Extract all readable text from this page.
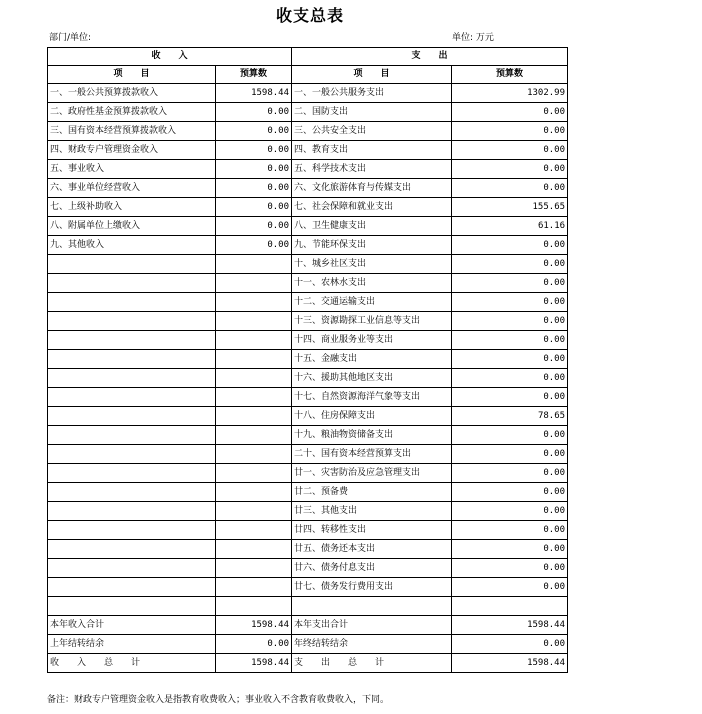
收支总表
部门/单位:	单位: 万元
收　　入		支　　出	
项　　目	预算数	项　　目	预算数
一、一般公共预算拨款收入	1598.44	一、一般公共服务支出	1302.99
二、政府性基金预算拨款收入	0.00	二、国防支出	0.00
三、国有资本经营预算拨款收入	0.00	三、公共安全支出	0.00
四、财政专户管理资金收入	0.00	四、教育支出	0.00
五、事业收入	0.00	五、科学技术支出	0.00
六、事业单位经营收入	0.00	六、文化旅游体育与传媒支出	0.00
七、上级补助收入	0.00	七、社会保障和就业支出	155.65
八、附属单位上缴收入	0.00	八、卫生健康支出	61.16
九、其他收入	0.00	九、节能环保支出	0.00
		十、城乡社区支出	0.00
		十一、农林水支出	0.00
		十二、交通运输支出	0.00
		十三、资源勘探工业信息等支出	0.00
		十四、商业服务业等支出	0.00
		十五、金融支出	0.00
		十六、援助其他地区支出	0.00
		十七、自然资源海洋气象等支出	0.00
		十八、住房保障支出	78.65
		十九、粮油物资储备支出	0.00
		二十、国有资本经营预算支出	0.00
		廿一、灾害防治及应急管理支出	0.00
		廿二、预备费	0.00
		廿三、其他支出	0.00
		廿四、转移性支出	0.00
		廿五、债务还本支出	0.00
		廿六、债务付息支出	0.00
		廿七、债务发行费用支出	0.00

本年收入合计	1598.44	本年支出合计	1598.44
上年结转结余	0.00	年终结转结余	0.00
收　　入　　总　　计	1598.44	支　　出　　总　　计	1598.44
备注：财政专户管理资金收入是指教育收费收入；事业收入不含教育收费收入，下同。
